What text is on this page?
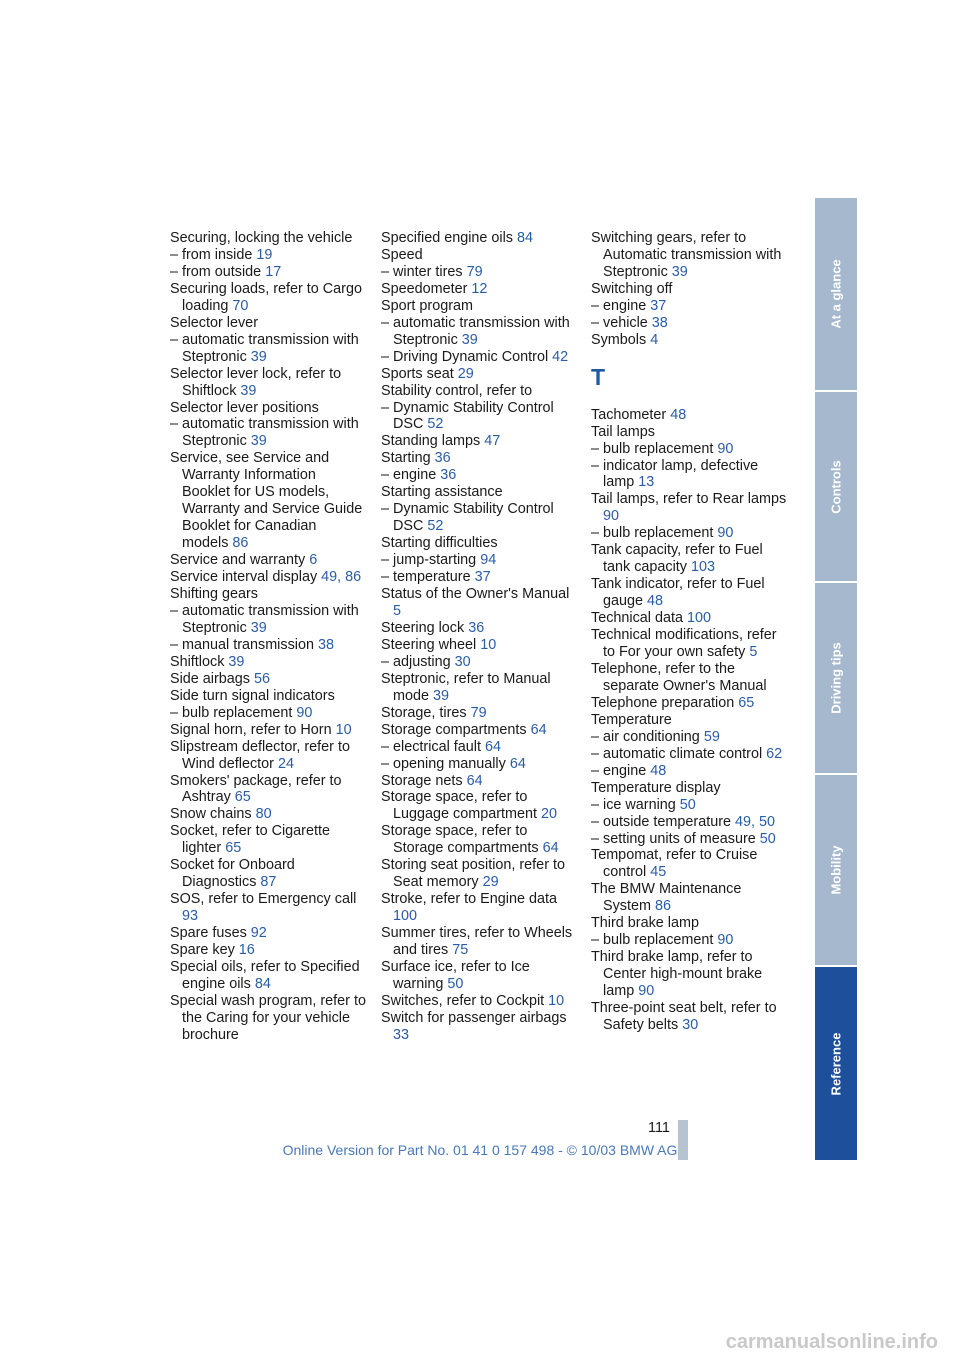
Securing, locking the vehicle
– from inside 19
– from outside 17
Securing loads, refer to Cargo loading 70
Selector lever
– automatic transmission with Steptronic 39
Selector lever lock, refer to Shiftlock 39
Selector lever positions
– automatic transmission with Steptronic 39
Service, see Service and Warranty Information Booklet for US models, Warranty and Service Guide Booklet for Canadian models 86
Service and warranty 6
Service interval display 49, 86
Shifting gears
– automatic transmission with Steptronic 39
– manual transmission 38
Shiftlock 39
Side airbags 56
Side turn signal indicators
– bulb replacement 90
Signal horn, refer to Horn 10
Slipstream deflector, refer to Wind deflector 24
Smokers' package, refer to Ashtray 65
Snow chains 80
Socket, refer to Cigarette lighter 65
Socket for Onboard Diagnostics 87
SOS, refer to Emergency call 93
Spare fuses 92
Spare key 16
Special oils, refer to Specified engine oils 84
Special wash program, refer to the Caring for your vehicle brochure
Specified engine oils 84
Speed
– winter tires 79
Speedometer 12
Sport program
– automatic transmission with Steptronic 39
– Driving Dynamic Control 42
Sports seat 29
Stability control, refer to
– Dynamic Stability Control DSC 52
Standing lamps 47
Starting 36
– engine 36
Starting assistance
– Dynamic Stability Control DSC 52
Starting difficulties
– jump-starting 94
– temperature 37
Status of the Owner's Manual 5
Steering lock 36
Steering wheel 10
– adjusting 30
Steptronic, refer to Manual mode 39
Storage, tires 79
Storage compartments 64
– electrical fault 64
– opening manually 64
Storage nets 64
Storage space, refer to Luggage compartment 20
Storage space, refer to Storage compartments 64
Storing seat position, refer to Seat memory 29
Stroke, refer to Engine data 100
Summer tires, refer to Wheels and tires 75
Surface ice, refer to Ice warning 50
Switches, refer to Cockpit 10
Switch for passenger airbags 33
Switching gears, refer to Automatic transmission with Steptronic 39
Switching off
– engine 37
– vehicle 38
Symbols 4
T
Tachometer 48
Tail lamps
– bulb replacement 90
– indicator lamp, defective lamp 13
Tail lamps, refer to Rear lamps 90
– bulb replacement 90
Tank capacity, refer to Fuel tank capacity 103
Tank indicator, refer to Fuel gauge 48
Technical data 100
Technical modifications, refer to For your own safety 5
Telephone, refer to the separate Owner's Manual
Telephone preparation 65
Temperature
– air conditioning 59
– automatic climate control 62
– engine 48
Temperature display
– ice warning 50
– outside temperature 49, 50
– setting units of measure 50
Tempomat, refer to Cruise control 45
The BMW Maintenance System 86
Third brake lamp
– bulb replacement 90
Third brake lamp, refer to Center high-mount brake lamp 90
Three-point seat belt, refer to Safety belts 30
At a glance
Controls
Driving tips
Mobility
Reference
111
Online Version for Part No. 01 41 0 157 498 - © 10/03 BMW AG
carmanualsonline.info
